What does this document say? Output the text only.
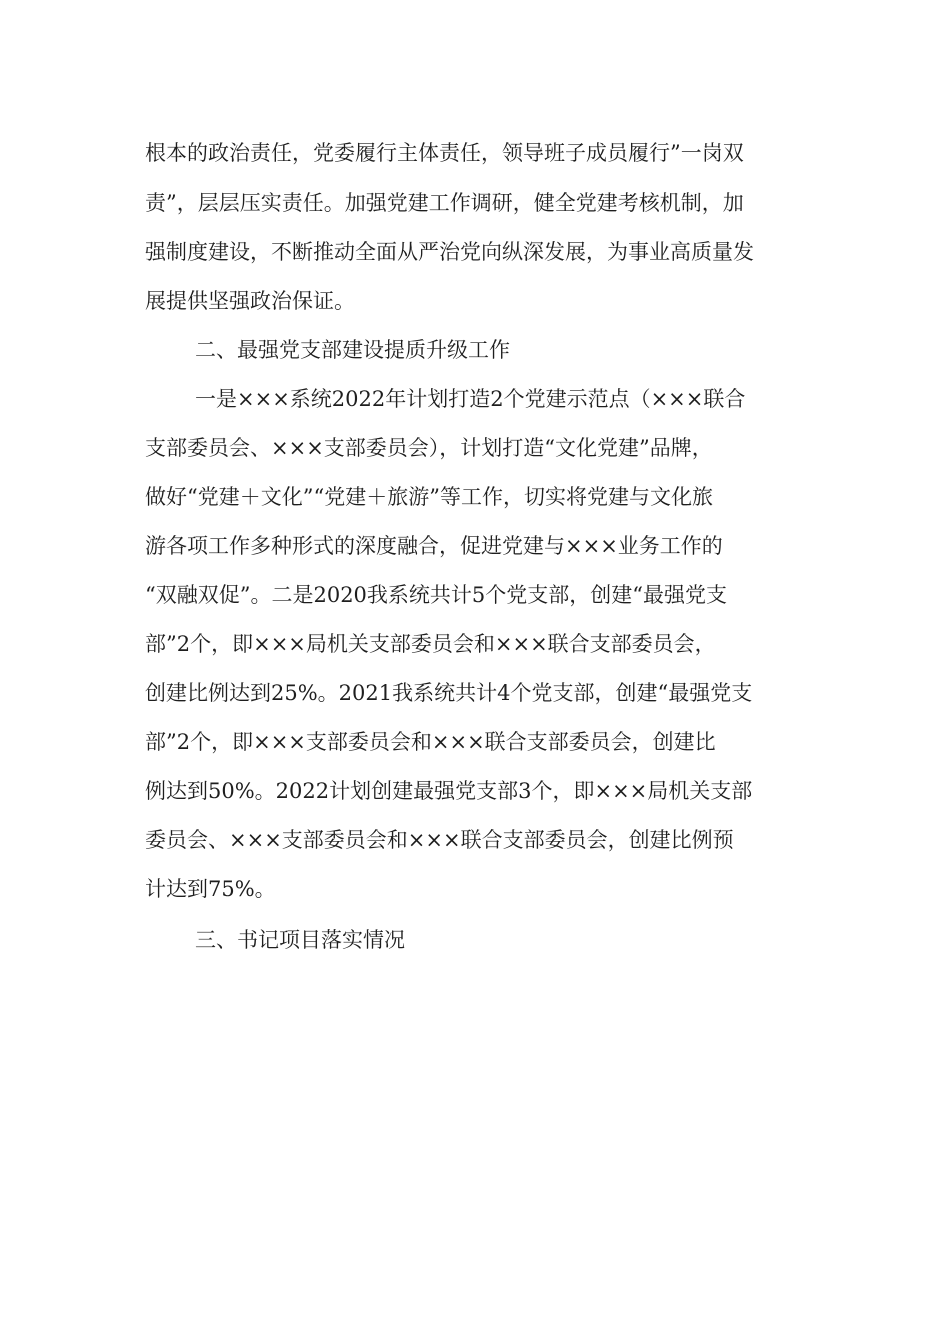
根本的政治责任，党委履行主体责任，领导班子成员履行”一岗双

责”，层层压实责任。加强党建工作调研，健全党建考核机制，加

强制度建设，不断推动全面从严治党向纵深发展，为事业高质量发

展提供坚强政治保证。

二、最强党支部建设提质升级工作

一是×××系统2022年计划打造2个党建示范点（×××联合

支部委员会、×××支部委员会），计划打造“文化党建”品牌，

做好“党建＋文化”“党建＋旅游”等工作，切实将党建与文化旅

游各项工作多种形式的深度融合，促进党建与×××业务工作的

“双融双促”。二是2020我系统共计5个党支部，创建“最强党支

部”2个，即×××局机关支部委员会和×××联合支部委员会，

创建比例达到25%。2021我系统共计4个党支部，创建“最强党支

部”2个，即×××支部委员会和×××联合支部委员会，创建比

例达到50%。2022计划创建最强党支部3个，即×××局机关支部

委员会、×××支部委员会和×××联合支部委员会，创建比例预

计达到75%。

三、书记项目落实情况
